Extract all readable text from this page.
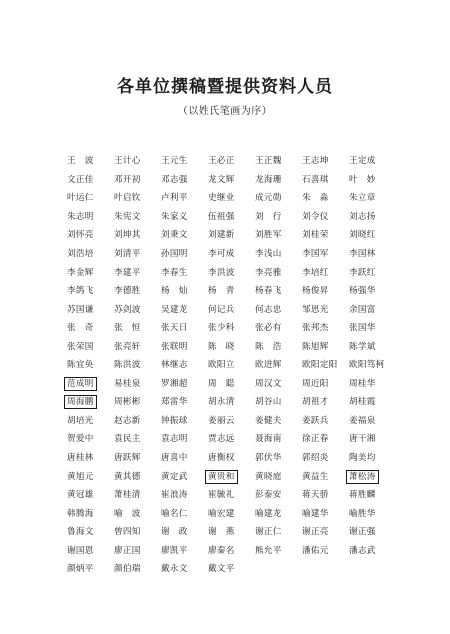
各单位撰稿暨提供资料人员
（以姓氏笔画为序）
王　波 王计心 王元生 王必正 王正魏 王志坤 王定成
文正佳 邓开初 邓志强 龙文辉 龙海珊 石喜琪 叶　妙
叶运仁 叶启钦 卢利平 史继业 成元勋 朱　淼 朱立章
朱志明 朱宪文 朱家义 伍祖强 刘　行 刘令仪 刘志扬
刘怀亮 刘坤其 刘秉文 刘建新 刘胜军 刘桂荣 刘晓红
刘浩培 刘清平 孙国明 李可成 李浅山 李国军 李国林
李金辉 李建平 李春生 李洪波 李亮雅 李培红 李跃红
李鸽飞 李德胜 杨　灿 杨　青 杨春飞 杨俊昇 杨强华
苏国谦 苏剑波 吴建龙 何记兵 何志忠 邹思光 余国富
张　奇 张　恒 张天日 张少科 张必有 张邦杰 张国华
张荣国 张亮轩 张联明 陈　晓 陈　浩 陈旭辉 陈学斌
陈宜奂 陈洪波 林继志 欧阳立 欧进辉 欧阳定阳 欧阳笃柯
范成明	易桂泉 罗湘超 周　聪 周汉文 周近阳 周桂华
周海鹏	周彬彬 郑雷华 胡永清 胡谷山 胡祖才 胡桂霞
胡培光 赵志新 钟振球 姜丽云 姜健夫 姜跃兵 姜福泉
贺爱中 袁民主 袁志明 贾志远 聂海南 徐正春 唐干湘
唐桂林 唐跃辉 唐喜中 唐衡权 郭伏华 郭绍炎 陶美均
黄旭元 黄其德 黄定武	黄贵和	黄晓庭 黄益生	萧松涛
黄冠雄 萧桂清 崔浪涛 崔毓礼 彭泰安 蒋天骄 蒋胜麟
韩腾海 喻　波 喻名仁 喻宏建 喻建龙 喻建华 喻胜华
鲁海文 曾四知 谢　政 谢　燕 谢正仁 谢正亮 谢正强
谢国恩 廖正国 廖凯平 廖秦名 熊允平 潘佑元 潘志武
颜炳平 颜伯瑞 戴永文 戴文平
